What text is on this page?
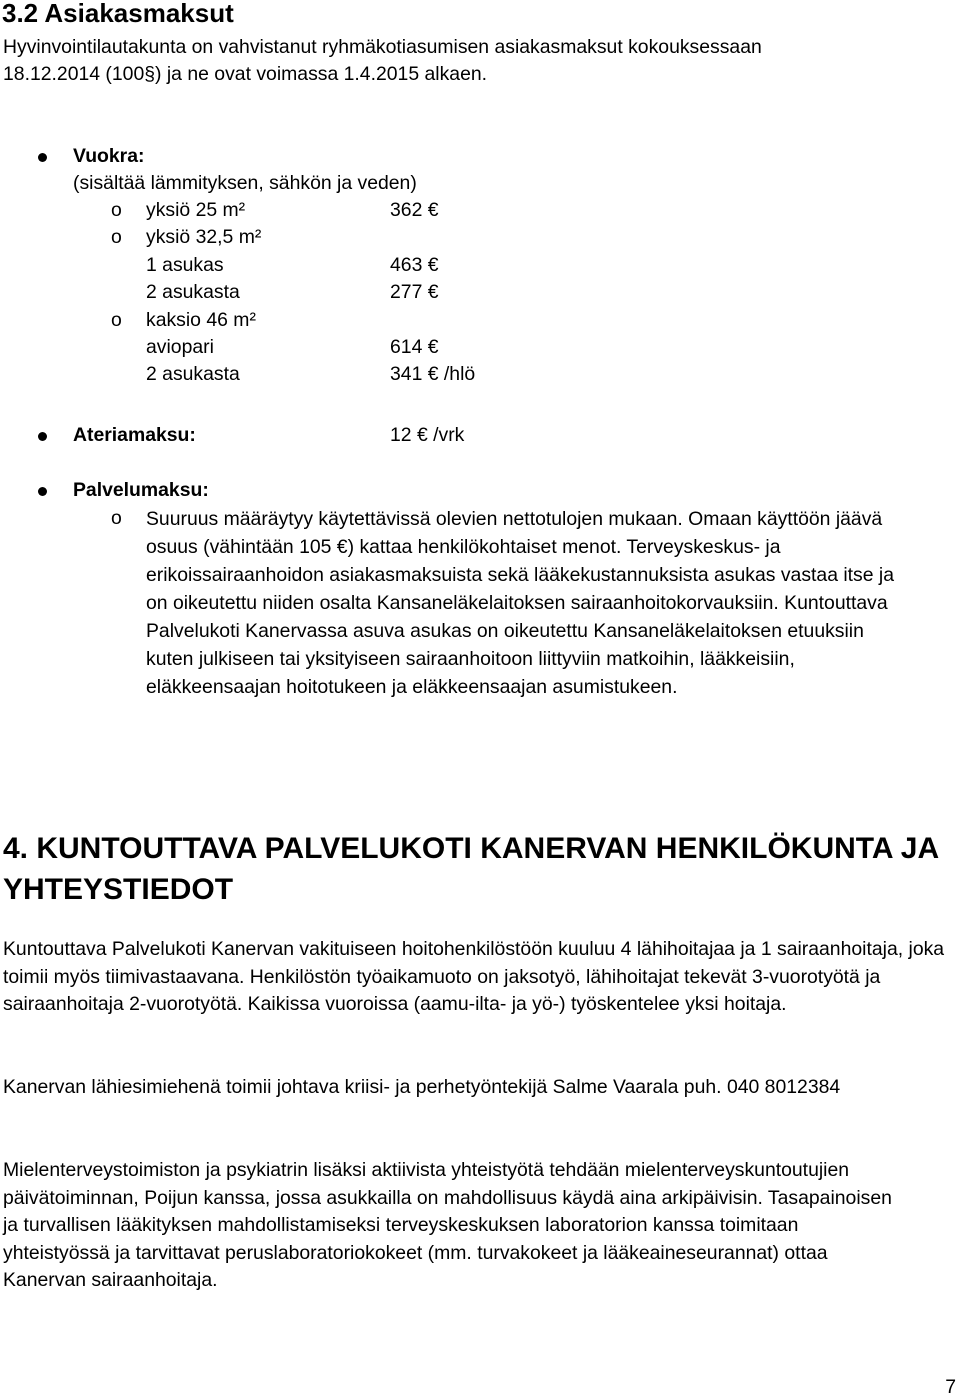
3.2 Asiakasmaksut
Hyvinvointilautakunta on vahvistanut ryhmäkotiasumisen asiakasmaksut kokouksessaan
18.12.2014 (100§) ja ne ovat voimassa 1.4.2015 alkaen.
Vuokra:
(sisältää lämmityksen, sähkön ja veden)
o yksiö 25 m²	362 €
o yksiö 32,5 m²
1 asukas	463 €
2 asukasta	277 €
o kaksio 46 m²
aviopari	614 €
2 asukasta	341 € /hlö
Ateriamaksu:	12 € /vrk
Palvelumaksu:
o Suuruus määräytyy käytettävissä olevien nettotulojen mukaan. Omaan käyttöön jäävä osuus (vähintään 105 €) kattaa henkilökohtaiset menot. Terveyskeskus- ja erikoissairaanhoidon asiakasmaksuista sekä lääkekustannuksista asukas vastaa itse ja on oikeutettu niiden osalta Kansaneläkelaitoksen sairaanhoitokorvauksiin. Kuntouttava Palvelukoti Kanervassa asuva asukas on oikeutettu Kansaneläkelaitoksen etuuksiin kuten julkiseen tai yksityiseen sairaanhoitoon liittyviin matkoihin, lääkkeisiin, eläkkeensaajan hoitotukeen ja eläkkeensaajan asumistukeen.

4. KUNTOUTTAVA PALVELUKOTI KANERVAN HENKILÖKUNTA JA YHTEYSTIEDOT

Kuntouttava Palvelukoti Kanervan vakituiseen hoitohenkilöstöön kuuluu 4 lähihoitajaa ja 1 sairaanhoitaja, joka toimii myös tiimivastaavana. Henkilöstön työaikamuoto on jaksotyö, lähihoitajat tekevät 3-vuorotyötä ja sairaanhoitaja 2-vuorotyötä. Kaikissa vuoroissa (aamu-ilta- ja yö-) työskentelee yksi hoitaja.

Kanervan lähiesimiehenä toimii johtava kriisi- ja perhetyöntekijä Salme Vaarala puh. 040 8012384

Mielenterveystoimiston ja psykiatrin lisäksi aktiivista yhteistyötä tehdään mielenterveyskuntoutujien päivätoiminnan, Poijun kanssa, jossa asukkailla on mahdollisuus käydä aina arkipäivisin. Tasapainoisen ja turvallisen lääkityksen mahdollistamiseksi terveyskeskuksen laboratorion kanssa toimitaan yhteistyössä ja tarvittavat peruslaboratoriokokeet (mm. turvakokeet ja lääkeaineseurannat) ottaa Kanervan sairaanhoitaja.

7
